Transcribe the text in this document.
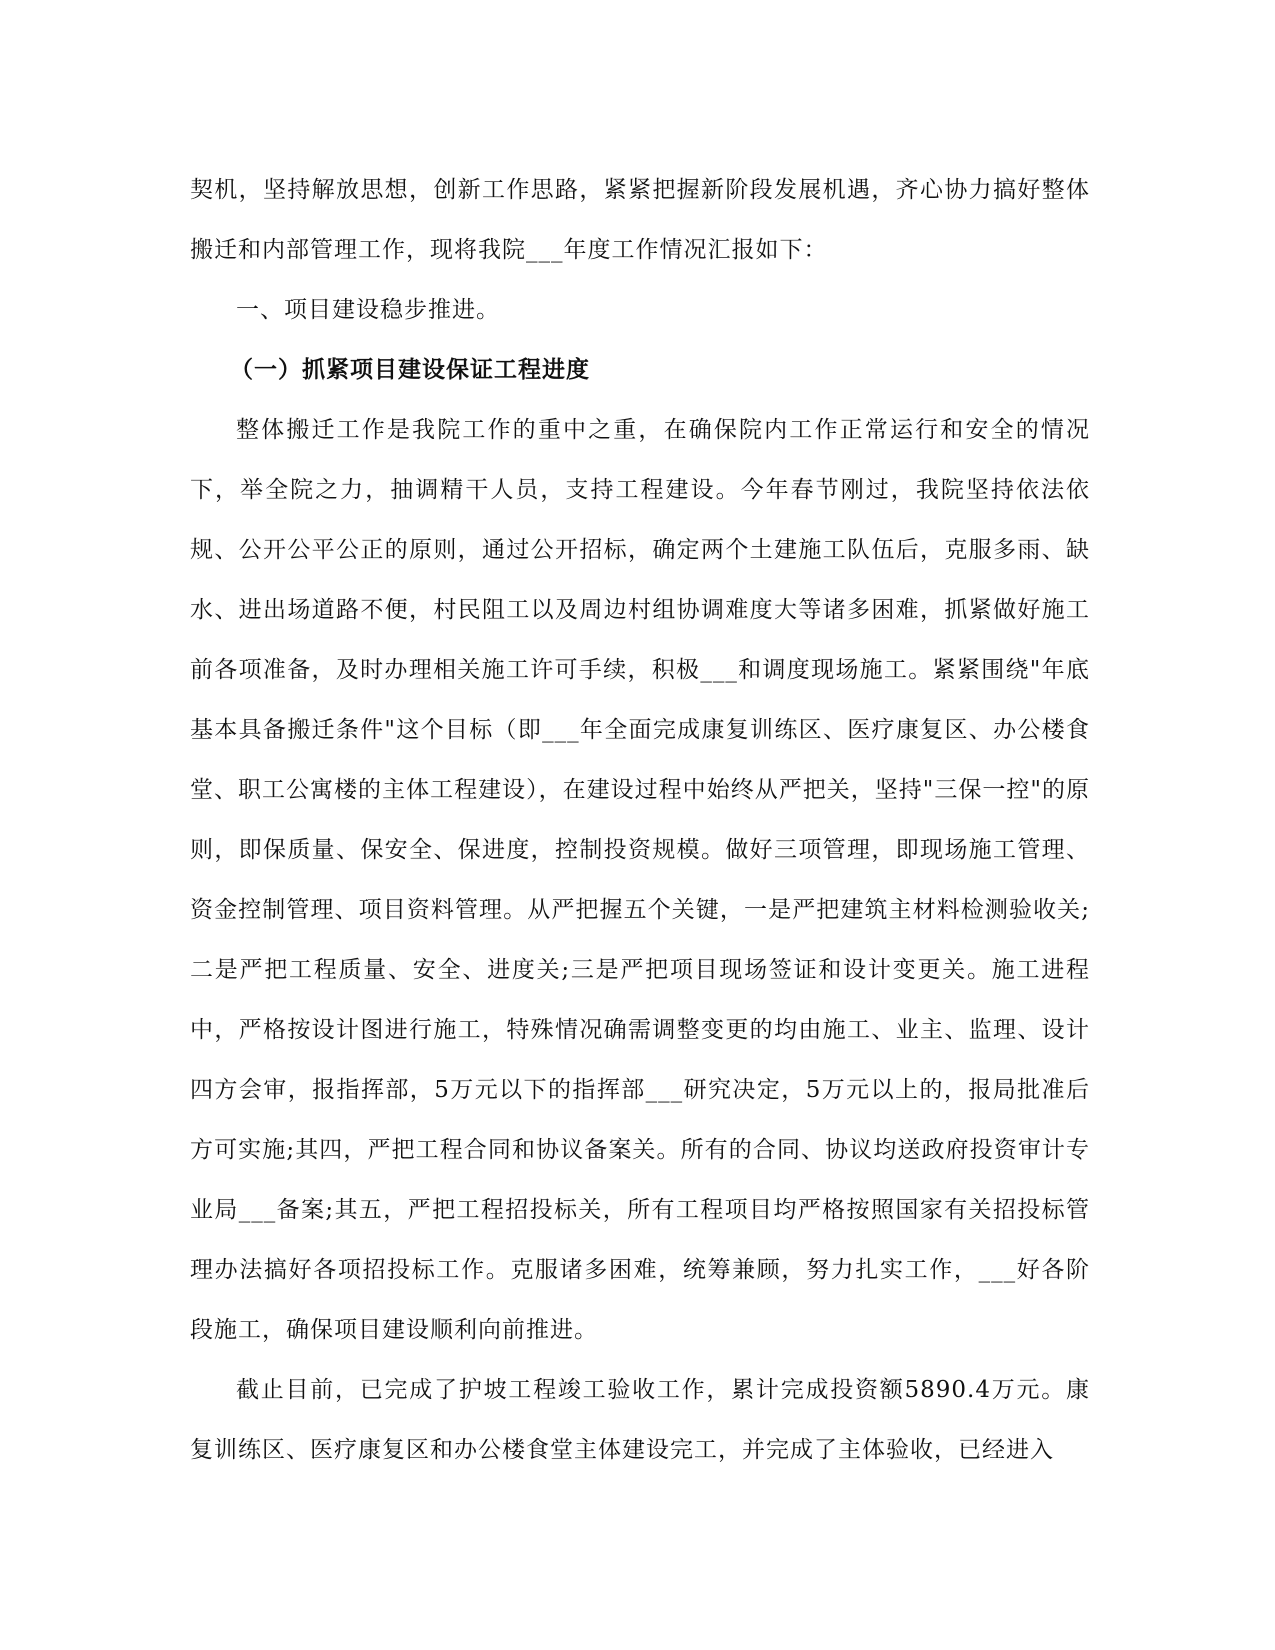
契机，坚持解放思想，创新工作思路，紧紧把握新阶段发展机遇，齐心协力搞好整体搬迁和内部管理工作，现将我院___年度工作情况汇报如下：

一、项目建设稳步推进。

（一）抓紧项目建设保证工程进度

整体搬迁工作是我院工作的重中之重，在确保院内工作正常运行和安全的情况下，举全院之力，抽调精干人员，支持工程建设。今年春节刚过，我院坚持依法依规、公开公平公正的原则，通过公开招标，确定两个土建施工队伍后，克服多雨、缺水、进出场道路不便，村民阻工以及周边村组协调难度大等诸多困难，抓紧做好施工前各项准备，及时办理相关施工许可手续，积极___和调度现场施工。紧紧围绕"年底基本具备搬迁条件"这个目标（即___年全面完成康复训练区、医疗康复区、办公楼食堂、职工公寓楼的主体工程建设），在建设过程中始终从严把关，坚持"三保一控"的原则，即保质量、保安全、保进度，控制投资规模。做好三项管理，即现场施工管理、资金控制管理、项目资料管理。从严把握五个关键，一是严把建筑主材料检测验收关;二是严把工程质量、安全、进度关;三是严把项目现场签证和设计变更关。施工进程中，严格按设计图进行施工，特殊情况确需调整变更的均由施工、业主、监理、设计四方会审，报指挥部，5万元以下的指挥部___研究决定，5万元以上的，报局批准后方可实施;其四，严把工程合同和协议备案关。所有的合同、协议均送政府投资审计专业局___备案;其五，严把工程招投标关，所有工程项目均严格按照国家有关招投标管理办法搞好各项招投标工作。克服诸多困难，统筹兼顾，努力扎实工作，___好各阶段施工，确保项目建设顺利向前推进。

截止目前，已完成了护坡工程竣工验收工作，累计完成投资额5890.4万元。康复训练区、医疗康复区和办公楼食堂主体建设完工，并完成了主体验收，已经进入
